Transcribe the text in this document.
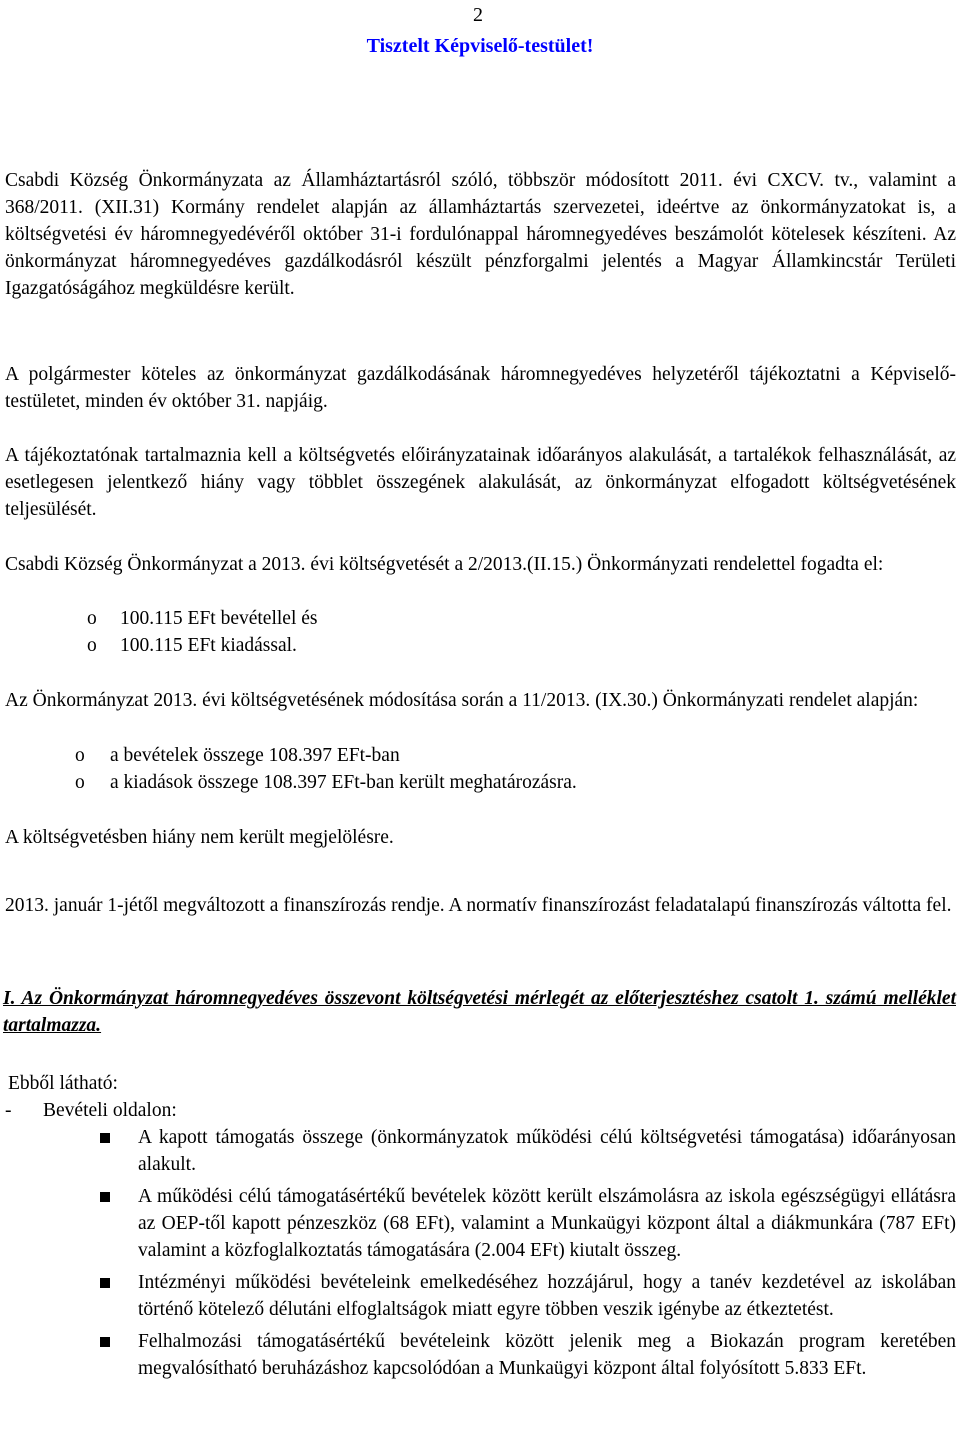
2
Tisztelt Képviselő-testület!

Csabdi Község Önkormányzata az Államháztartásról szóló, többször módosított 2011. évi CXCV. tv., valamint a 368/2011. (XII.31) Kormány rendelet alapján az államháztartás szervezetei, ideértve az önkormányzatokat is, a költségvetési év háromnegyedévéről október 31-i fordulónappal háromnegyedéves beszámolót kötelesek készíteni. Az önkormányzat háromnegyedéves gazdálkodásról készült pénzforgalmi jelentés a Magyar Államkincstár Területi Igazgatóságához megküldésre került.

A polgármester köteles az önkormányzat gazdálkodásának háromnegyedéves helyzetéről tájékoztatni a Képviselő-testületet, minden év október 31. napjáig.

A tájékoztatónak tartalmaznia kell a költségvetés előirányzatainak időarányos alakulását, a tartalékok felhasználását, az esetlegesen jelentkező hiány vagy többlet összegének alakulását, az önkormányzat elfogadott költségvetésének teljesülését.

Csabdi Község Önkormányzat a 2013. évi költségvetését a 2/2013.(II.15.) Önkormányzati rendelettel fogadta el:

o 100.115 EFt bevétellel és
o 100.115 EFt kiadással.

Az Önkormányzat 2013. évi költségvetésének módosítása során a 11/2013. (IX.30.) Önkormányzati rendelet alapján:

o a bevételek összege 108.397 EFt-ban
o a kiadások összege 108.397 EFt-ban került meghatározásra.

A költségvetésben hiány nem került megjelölésre.

2013. január 1-jétől megváltozott a finanszírozás rendje. A normatív finanszírozást feladatalapú finanszírozás váltotta fel.

I. Az Önkormányzat háromnegyedéves összevont költségvetési mérlegét az előterjesztéshez csatolt 1. számú melléklet tartalmazza.

Ebből látható:

- Bevételi oldalon:
A kapott támogatás összege (önkormányzatok működési célú költségvetési támogatása) időarányosan alakult.
A működési célú támogatásértékű bevételek között került elszámolásra az iskola egészségügyi ellátásra az OEP-től kapott pénzeszköz (68 EFt), valamint a Munkaügyi központ által a diákmunkára (787 EFt) valamint a közfoglalkoztatás támogatására (2.004 EFt) kiutalt összeg.
Intézményi működési bevételeink emelkedéséhez hozzájárul, hogy a tanév kezdetével az iskolában történő kötelező délutáni elfoglaltságok miatt egyre többen veszik igénybe az étkeztetést.
Felhalmozási támogatásértékű bevételeink között jelenik meg a Biokazán program keretében megvalósítható beruházáshoz kapcsolódóan a Munkaügyi központ által folyósított 5.833 EFt.
